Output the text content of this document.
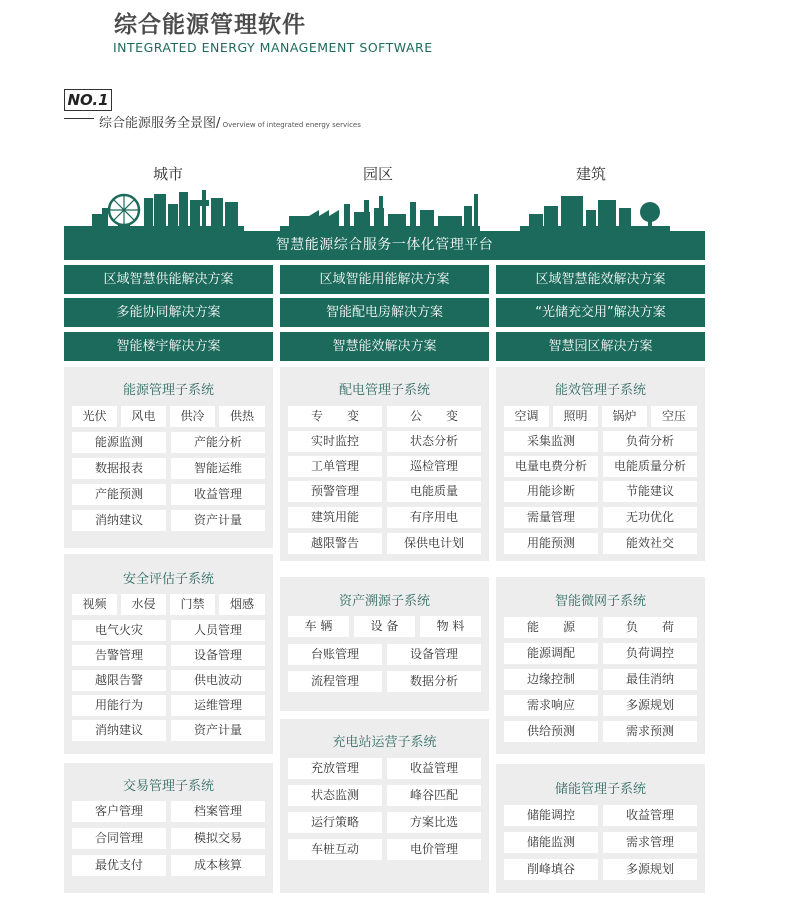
综合能源管理软件
INTEGRATED ENERGY MANAGEMENT SOFTWARE
NO.1
综合能源服务全景图/ Overview of integrated energy services
城市	园区	建筑
智慧能源综合服务一体化管理平台
区域智慧供能解决方案	区域智能用能解决方案	区域智慧能效解决方案
多能协同解决方案	智能配电房解决方案	“光储充交用”解决方案
智能楼宇解决方案	智慧能效解决方案	智慧园区解决方案
能源管理子系统
光伏	风电	供冷	供热
能源监测	产能分析
数据报表	智能运维
产能预测	收益管理
消纳建议	资产计量
安全评估子系统
视频	水侵	门禁	烟感
电气火灾	人员管理
告警管理	设备管理
越限告警	供电波动
用能行为	运维管理
消纳建议	资产计量
交易管理子系统
客户管理	档案管理
合同管理	模拟交易
最优支付	成本核算
配电管理子系统
专　　变	公　　变
实时监控	状态分析
工单管理	巡检管理
预警管理	电能质量
建筑用能	有序用电
越限警告	保供电计划
资产溯源子系统
车 辆	设 备	物 料
台账管理	设备管理
流程管理	数据分析
充电站运营子系统
充放管理	收益管理
状态监测	峰谷匹配
运行策略	方案比选
车桩互动	电价管理
能效管理子系统
空调	照明	锅炉	空压
采集监测	负荷分析
电量电费分析	电能质量分析
用能诊断	节能建议
需量管理	无功优化
用能预测	能效社交
智能微网子系统
能　　源	负　　荷
能源调配	负荷调控
边缘控制	最佳消纳
需求响应	多源规划
供给预测	需求预测
储能管理子系统
储能调控	收益管理
储能监测	需求管理
削峰填谷	多源规划
